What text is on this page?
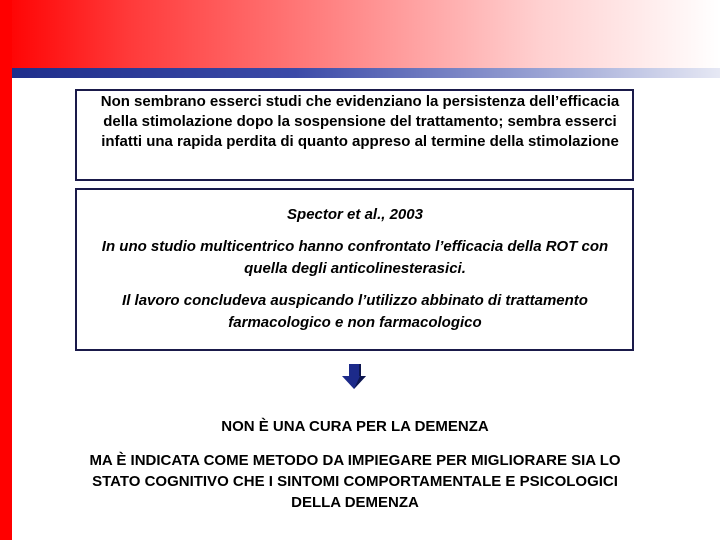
Non sembrano esserci studi che evidenziano la persistenza dell’efficacia della stimolazione dopo la sospensione del trattamento; sembra esserci infatti una rapida perdita di quanto appreso al termine della stimolazione
Spector et al., 2003
In uno studio multicentrico hanno confrontato l’efficacia della ROT con quella degli anticolinesterasici.
Il lavoro concludeva auspicando l’utilizzo abbinato di trattamento farmacologico e non farmacologico
NON È UNA CURA PER LA DEMENZA
MA È INDICATA COME METODO DA IMPIEGARE PER MIGLIORARE SIA LO STATO COGNITIVO CHE I SINTOMI COMPORTAMENTALE E PSICOLOGICI DELLA DEMENZA
